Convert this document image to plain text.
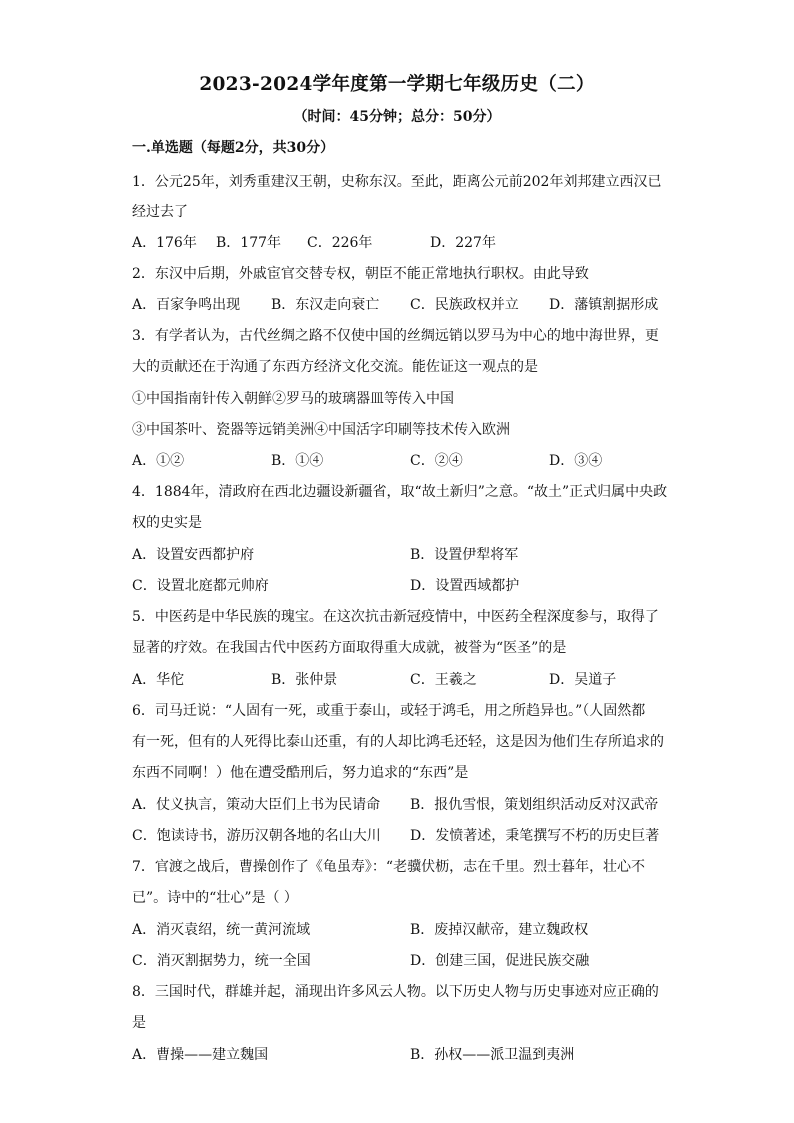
2023-2024学年度第一学期七年级历史（二）
（时间：45分钟；总分：50分）
一.单选题（每题2分，共30分）
1．公元25年，刘秀重建汉王朝，史称东汉。至此，距离公元前202年刘邦建立西汉已
经过去了
A．176年 B．177年 C．226年	D．227年
2．东汉中后期，外戚宦官交替专权，朝臣不能正常地执行职权。由此导致
A．百家争鸣出现 B．东汉走向衰亡 C．民族政权并立 D．藩镇割据形成
3．有学者认为，古代丝绸之路不仅使中国的丝绸远销以罗马为中心的地中海世界，更
大的贡献还在于沟通了东西方经济文化交流。能佐证这一观点的是
①中国指南针传入朝鲜②罗马的玻璃器皿等传入中国
③中国茶叶、瓷器等远销美洲④中国活字印刷等技术传入欧洲
A．①②	B．①④	C．②④	D．③④
4．1884年，清政府在西北边疆设新疆省，取“故土新归”之意。“故土”正式归属中央政
权的史实是
A．设置安西都护府	B．设置伊犁将军
C．设置北庭都元帅府	D．设置西域都护
5．中医药是中华民族的瑰宝。在这次抗击新冠疫情中，中医药全程深度参与，取得了
显著的疗效。在我国古代中医药方面取得重大成就，被誉为“医圣”的是
A．华佗	B．张仲景	C．王羲之	D．吴道子
6．司马迁说：“人固有一死，或重于泰山，或轻于鸿毛，用之所趋异也。”（人固然都
有一死，但有的人死得比泰山还重，有的人却比鸿毛还轻，这是因为他们生存所追求的
东西不同啊！）他在遭受酷刑后，努力追求的“东西”是
A．仗义执言，策动大臣们上书为民请命 B．报仇雪恨，策划组织活动反对汉武帝
C．饱读诗书，游历汉朝各地的名山大川 D．发愤著述，秉笔撰写不朽的历史巨著
7．官渡之战后，曹操创作了《龟虽寿》：“老骥伏枥，志在千里。烈士暮年，壮心不
已”。诗中的“壮心”是（ ）
A．消灭袁绍，统一黄河流域	B．废掉汉献帝，建立魏政权
C．消灭割据势力，统一全国	D．创建三国，促进民族交融
8．三国时代，群雄并起，涌现出许多风云人物。以下历史人物与历史事迹对应正确的
是
A．曹操——建立魏国	B．孙权——派卫温到夷洲
